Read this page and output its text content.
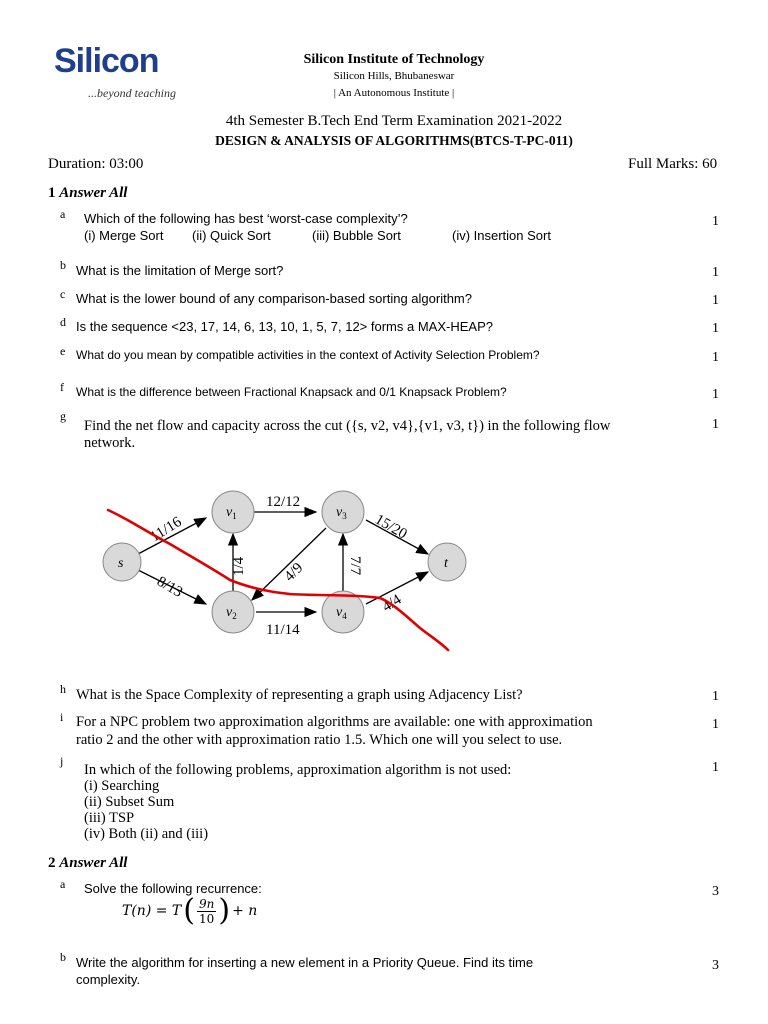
Silicon
...beyond teaching
Silicon Institute of Technology
Silicon Hills, Bhubaneswar
| An Autonomous Institute |
4th Semester B.Tech End Term Examination 2021-2022
DESIGN & ANALYSIS OF ALGORITHMS(BTCS-T-PC-011)
Duration: 03:00	Full Marks: 60
1 Answer All
a Which of the following has best ‘worst-case complexity’?
(i) Merge Sort (ii) Quick Sort	(iii) Bubble Sort	(iv) Insertion Sort
1
b What is the limitation of Merge sort?	1
c What is the lower bound of any comparison-based sorting algorithm?	1
d Is the sequence <23, 17, 14, 6, 13, 10, 1, 5, 7, 12> forms a MAX-HEAP?	1
e What do you mean by compatible activities in the context of Activity Selection Problem?	1
f What is the difference between Fractional Knapsack and 0/1 Knapsack Problem?	1
g
Find the net flow and capacity across the cut ({s, v2, v4},{v1, v3, t}) in the following flow
network.
1
s
$v_1$
$v_2$
$v_3$
$v_4$
t
11/16
8/13
12/12
1/4 4/9	7/7
15/20
11/14
4/4
h What is the Space Complexity of representing a graph using Adjacency List?	1
i For a NPC problem two approximation algorithms are available: one with approximation
ratio 2 and the other with approximation ratio 1.5. Which one will you select to use.
1
j
In which of the following problems, approximation algorithm is not used:
(i) Searching
(ii) Subset Sum
(iii) TSP
(iv) Both (ii) and (iii)
1
2 Answer All
a Solve the following recurrence:
T(n) = T ( 9n
10 ) + n
3
b Write the algorithm for inserting a new element in a Priority Queue. Find its time
complexity.
3
